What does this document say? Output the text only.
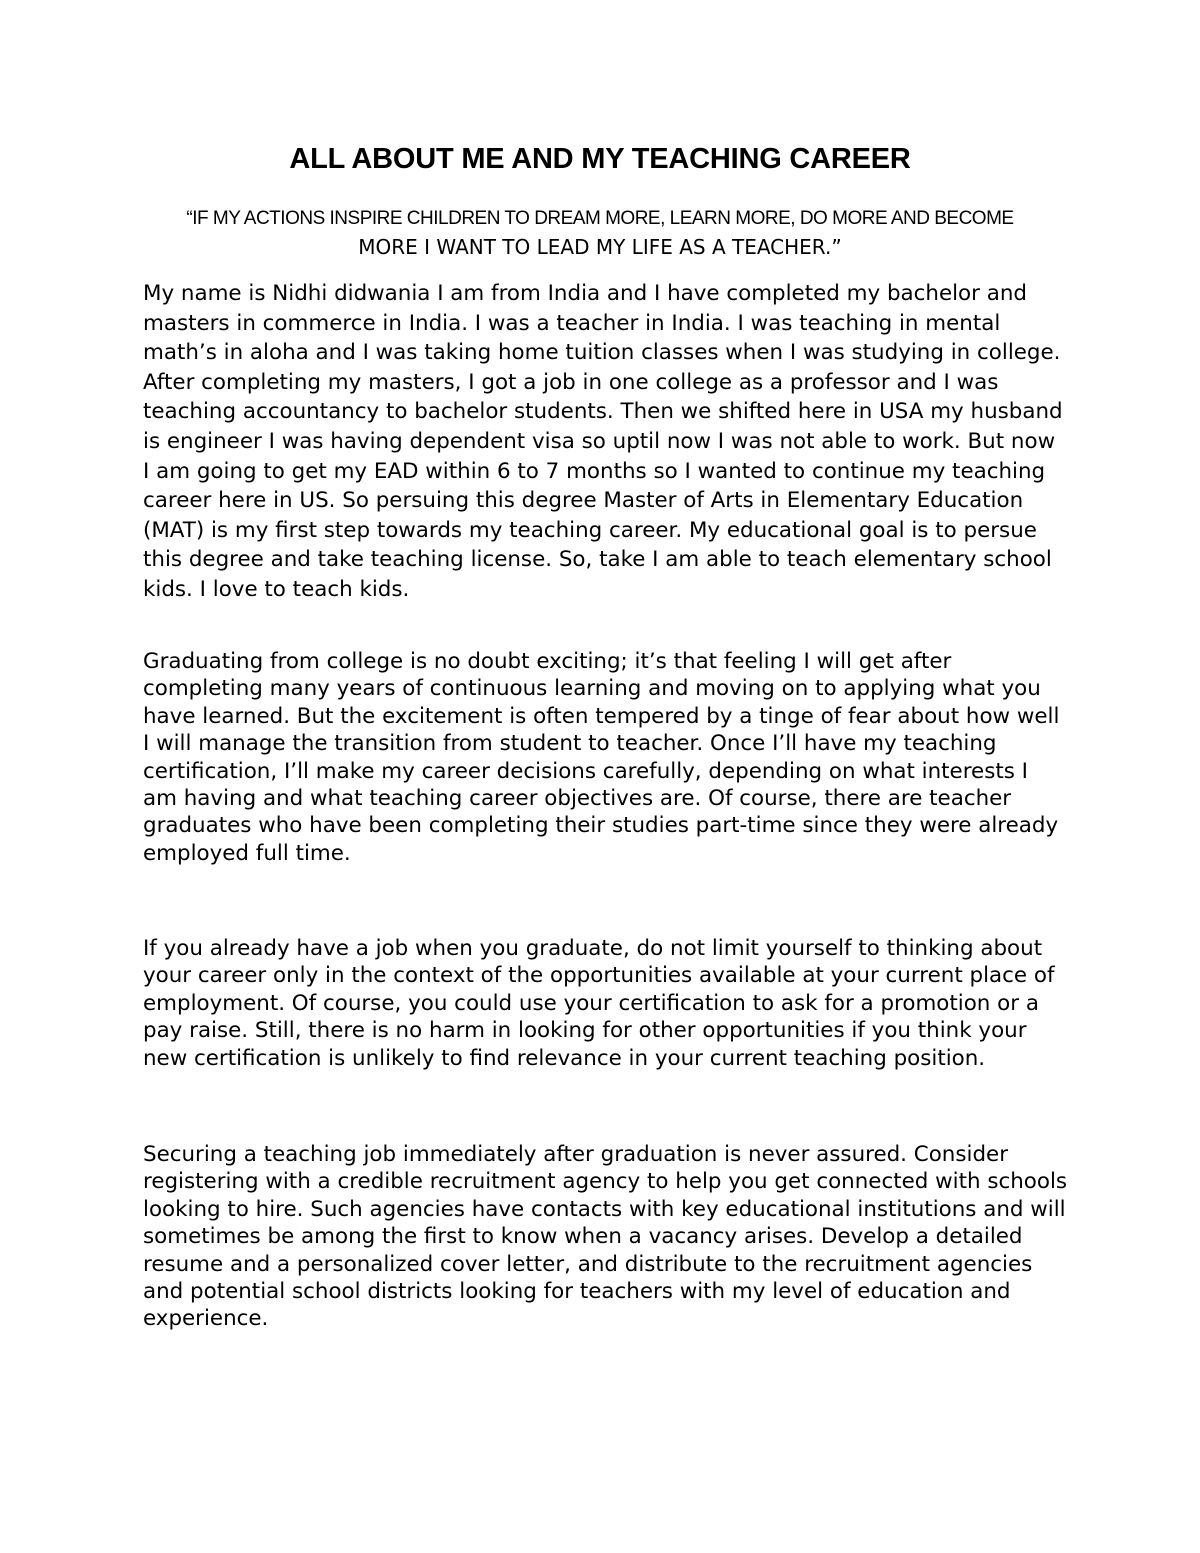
ALL ABOUT ME AND MY TEACHING CAREER

“IF MY ACTIONS INSPIRE CHILDREN TO DREAM MORE, LEARN MORE, DO MORE AND BECOME
MORE I WANT TO LEAD MY LIFE AS A TEACHER.”

My name is Nidhi didwania I am from India and I have completed my bachelor and masters in commerce in India. I was a teacher in India. I was teaching in mental math’s in aloha and I was taking home tuition classes when I was studying in college. After completing my masters, I got a job in one college as a professor and I was teaching accountancy to bachelor students. Then we shifted here in USA my husband is engineer I was having dependent visa so uptil now I was not able to work. But now I am going to get my EAD within 6 to 7 months so I wanted to continue my teaching career here in US. So persuing this degree Master of Arts in Elementary Education (MAT) is my first step towards my teaching career. My educational goal is to persue this degree and take teaching license. So, take I am able to teach elementary school kids. I love to teach kids.

Graduating from college is no doubt exciting; it’s that feeling I will get after completing many years of continuous learning and moving on to applying what you have learned. But the excitement is often tempered by a tinge of fear about how well I will manage the transition from student to teacher. Once I’ll have my teaching certification, I’ll make my career decisions carefully, depending on what interests I am having and what teaching career objectives are. Of course, there are teacher graduates who have been completing their studies part-time since they were already employed full time.

If you already have a job when you graduate, do not limit yourself to thinking about your career only in the context of the opportunities available at your current place of employment. Of course, you could use your certification to ask for a promotion or a pay raise. Still, there is no harm in looking for other opportunities if you think your new certification is unlikely to find relevance in your current teaching position.

Securing a teaching job immediately after graduation is never assured. Consider registering with a credible recruitment agency to help you get connected with schools looking to hire. Such agencies have contacts with key educational institutions and will sometimes be among the first to know when a vacancy arises. Develop a detailed resume and a personalized cover letter, and distribute to the recruitment agencies and potential school districts looking for teachers with my level of education and experience.
